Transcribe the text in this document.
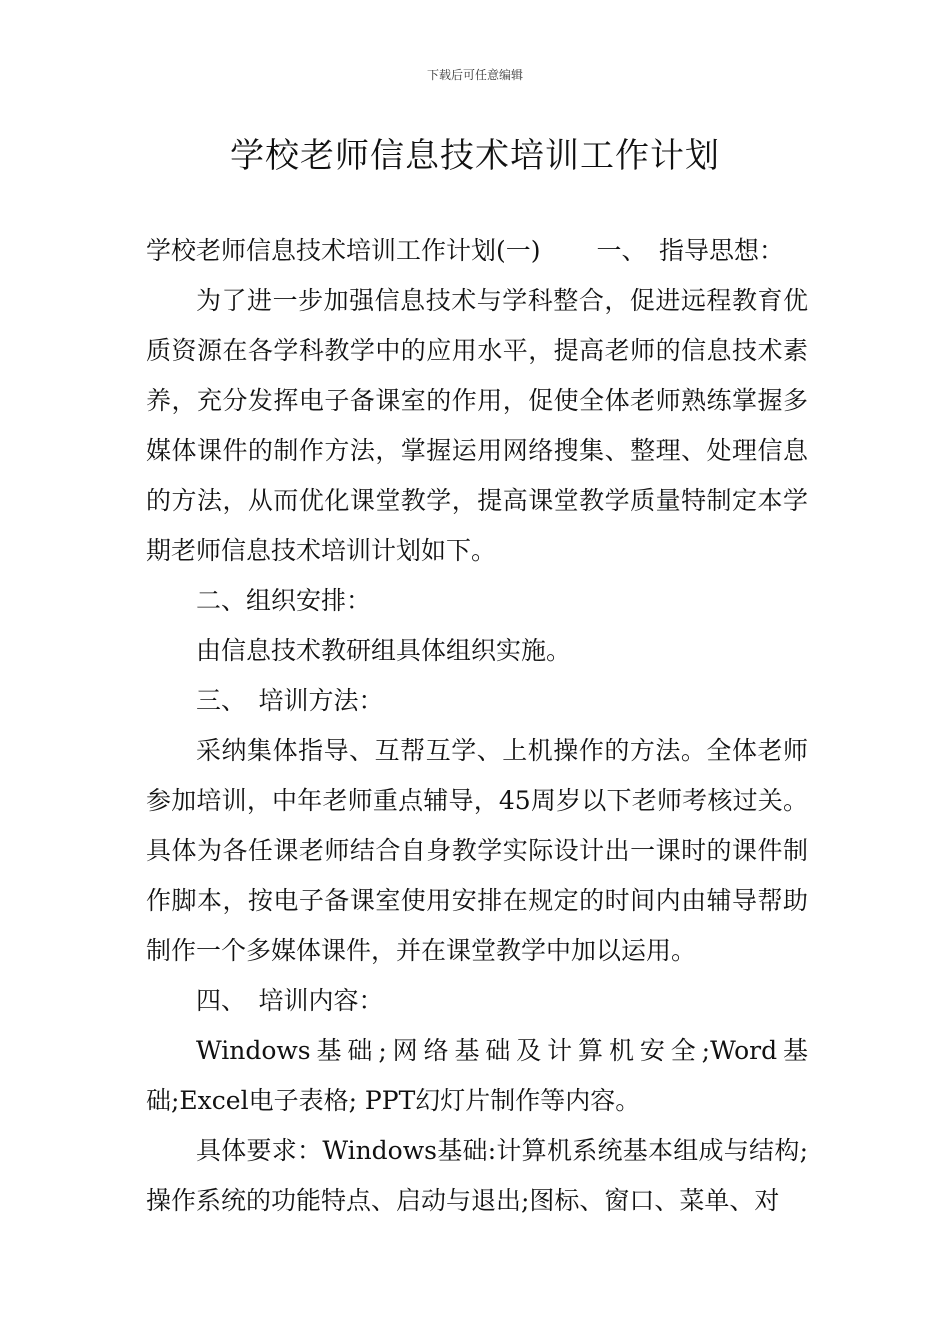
下载后可任意编辑
学校老师信息技术培训工作计划

学校老师信息技术培训工作计划(一) 一、　指导思想：

为了进一步加强信息技术与学科整合，促进远程教育优质资源在各学科教学中的应用水平，提高老师的信息技术素养，充分发挥电子备课室的作用，促使全体老师熟练掌握多媒体课件的制作方法，掌握运用网络搜集、整理、处理信息的方法，从而优化课堂教学，提高课堂教学质量特制定本学期老师信息技术培训计划如下。

二、组织安排：

由信息技术教研组具体组织实施。

三、　培训方法：

采纳集体指导、互帮互学、上机操作的方法。全体老师参加培训，中年老师重点辅导，45周岁以下老师考核过关。具体为各任课老师结合自身教学实际设计出一课时的课件制作脚本，按电子备课室使用安排在规定的时间内由辅导帮助制作一个多媒体课件，并在课堂教学中加以运用。

四、　培训内容：

Windows基础;网络基础及计算机安全;Word基础;Excel电子表格; PPT幻灯片制作等内容。

具体要求：Windows基础:计算机系统基本组成与结构;操作系统的功能特点、启动与退出;图标、窗口、菜单、对
